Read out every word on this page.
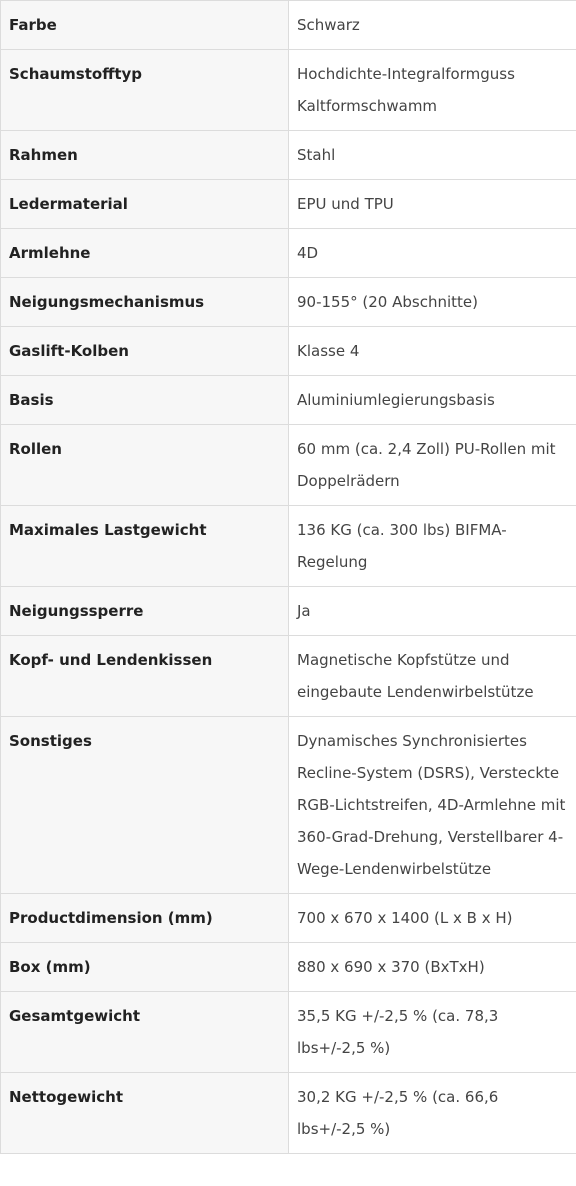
Farbe	Schwarz
Schaumstofftyp	Hochdichte-Integralformguss Kaltformschwamm
Rahmen	Stahl
Ledermaterial	EPU und TPU
Armlehne	4D
Neigungsmechanismus	90-155° (20 Abschnitte)
Gaslift-Kolben	Klasse 4
Basis	Aluminiumlegierungsbasis
Rollen	60 mm (ca. 2,4 Zoll) PU-Rollen mit Doppelrädern
Maximales Lastgewicht	136 KG (ca. 300 lbs) BIFMA-Regelung
Neigungssperre	Ja
Kopf- und Lendenkissen	Magnetische Kopfstütze und eingebaute Lendenwirbelstütze
Sonstiges	Dynamisches Synchronisiertes Recline-System (DSRS), Versteckte RGB-Lichtstreifen, 4D-Armlehne mit 360-Grad-Drehung, Verstellbarer 4-Wege-Lendenwirbelstütze
Productdimension (mm)	700 x 670 x 1400 (L x B x H)
Box (mm)	880 x 690 x 370 (BxTxH)
Gesamtgewicht	35,5 KG +/-2,5 % (ca. 78,3 lbs+/-2,5 %)
Nettogewicht	30,2 KG +/-2,5 % (ca. 66,6 lbs+/-2,5 %)
